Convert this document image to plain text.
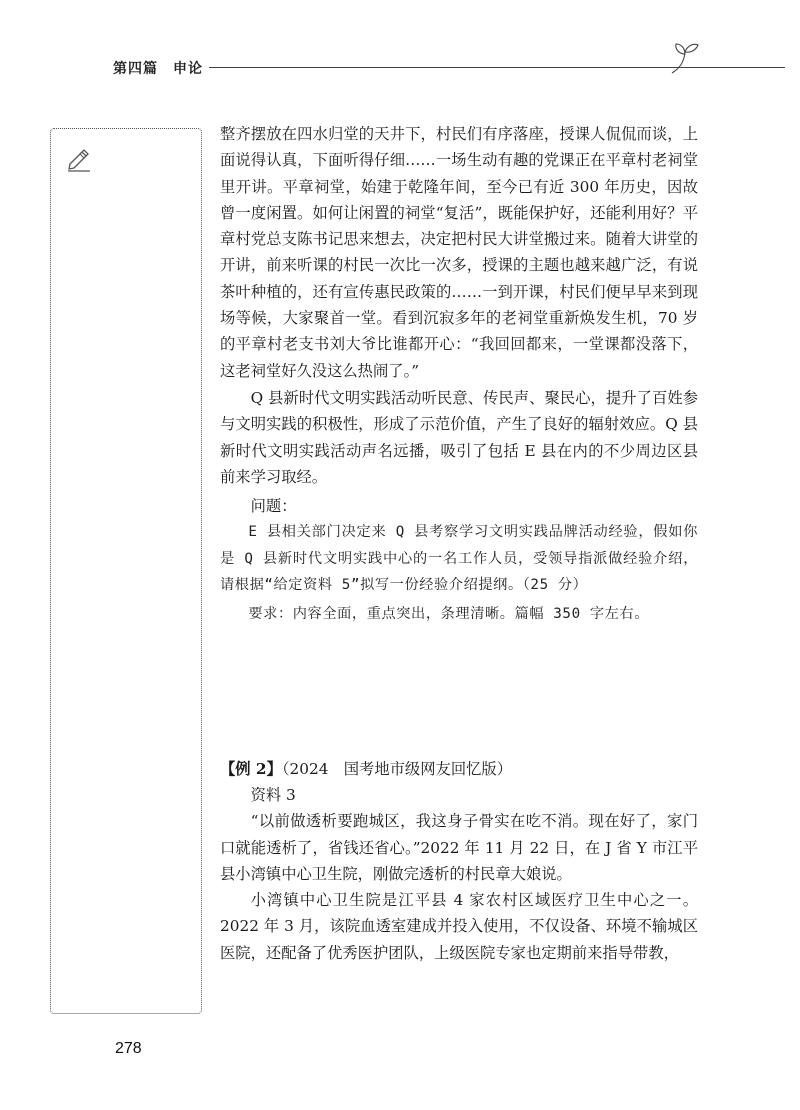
第四篇　申论

整齐摆放在四水归堂的天井下，村民们有序落座，授课人侃侃而谈，上面说得认真，下面听得仔细……一场生动有趣的党课正在平章村老祠堂里开讲。平章祠堂，始建于乾隆年间，至今已有近 300 年历史，因故曾一度闲置。如何让闲置的祠堂“复活”，既能保护好，还能利用好？平章村党总支陈书记思来想去，决定把村民大讲堂搬过来。随着大讲堂的开讲，前来听课的村民一次比一次多，授课的主题也越来越广泛，有说茶叶种植的，还有宣传惠民政策的……一到开课，村民们便早早来到现场等候，大家聚首一堂。看到沉寂多年的老祠堂重新焕发生机，70 岁的平章村老支书刘大爷比谁都开心：“我回回都来，一堂课都没落下，这老祠堂好久没这么热闹了。”

Q 县新时代文明实践活动听民意、传民声、聚民心，提升了百姓参与文明实践的积极性，形成了示范价值，产生了良好的辐射效应。Q 县新时代文明实践活动声名远播，吸引了包括 E 县在内的不少周边区县前来学习取经。

问题：

E 县相关部门决定来 Q 县考察学习文明实践品牌活动经验，假如你是 Q 县新时代文明实践中心的一名工作人员，受领导指派做经验介绍，请根据“给定资料 5”拟写一份经验介绍提纲。（25 分）

要求：内容全面，重点突出，条理清晰。篇幅 350 字左右。

【例 2】（2024　国考地市级网友回忆版）

资料 3

“以前做透析要跑城区，我这身子骨实在吃不消。现在好了，家门口就能透析了，省钱还省心。”2022 年 11 月 22 日，在 J 省 Y 市江平县小湾镇中心卫生院，刚做完透析的村民章大娘说。

小湾镇中心卫生院是江平县 4 家农村区域医疗卫生中心之一。2022 年 3 月，该院血透室建成并投入使用，不仅设备、环境不输城区医院，还配备了优秀医护团队，上级医院专家也定期前来指导带教，

278
